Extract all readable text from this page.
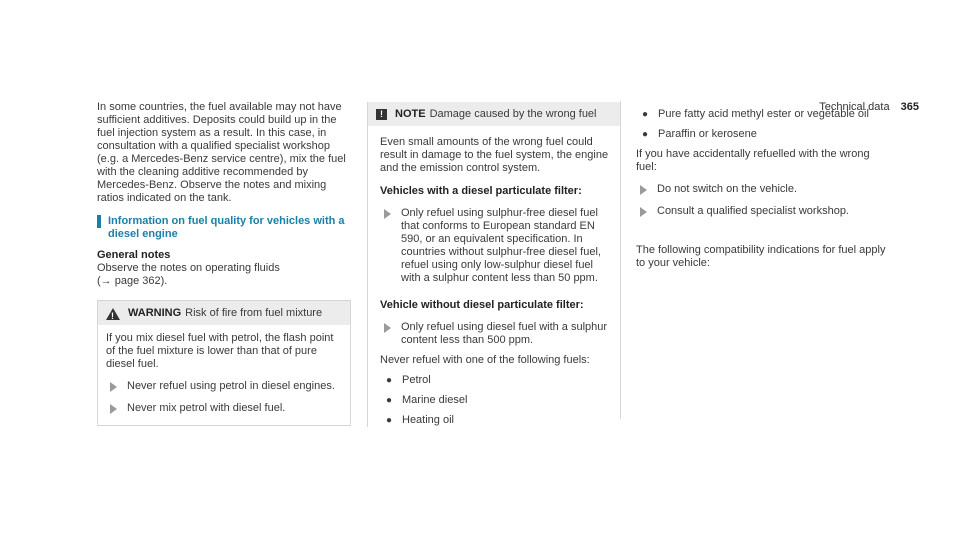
Technical data 365

In some countries, the fuel available may not have sufficient additives. Deposits could build up in the fuel injection system as a result. In this case, in consultation with a qualified specialist workshop (e.g. a Mercedes-Benz service centre), mix the fuel with the cleaning additive recommended by Mercedes-Benz. Observe the notes and mixing ratios indicated on the tank.

Information on fuel quality for vehicles with a diesel engine

General notes

Observe the notes on operating fluids

(→ page 362).

! WARNING Risk of fire from fuel mixture

If you mix diesel fuel with petrol, the flash point of the fuel mixture is lower than that of pure diesel fuel.

Never refuel using petrol in diesel engines.
Never mix petrol with diesel fuel.
!	NOTE Damage caused by the wrong fuel

Even small amounts of the wrong fuel could result in damage to the fuel system, the engine and the emission control system.

Vehicles with a diesel particulate filter:

Only refuel using sulphur-free diesel fuel that conforms to European standard EN 590, or an equivalent specification. In countries without sulphur-free diesel fuel, refuel using only low-sulphur diesel fuel with a sulphur content less than 50 ppm.

Vehicle without diesel particulate filter:

Only refuel using diesel fuel with a sulphur content less than 500 ppm.

Never refuel with one of the following fuels:

● Petrol
● Marine diesel
● Heating oil
● Pure fatty acid methyl ester or vegetable oil
● Paraffin or kerosene

If you have accidentally refuelled with the wrong fuel:

Do not switch on the vehicle.
Consult a qualified specialist workshop.

The following compatibility indications for fuel apply to your vehicle:
